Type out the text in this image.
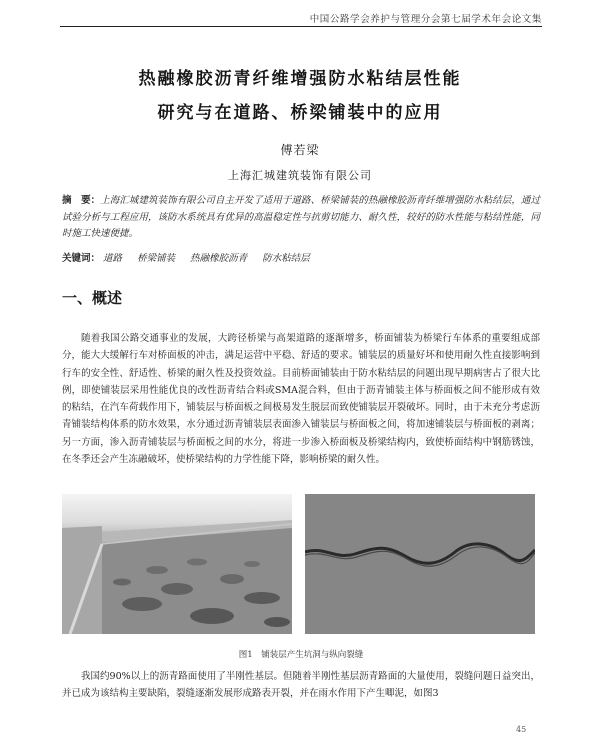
中国公路学会养护与管理分会第七届学术年会论文集
热融橡胶沥青纤维增强防水粘结层性能
研究与在道路、桥梁铺装中的应用
傅若梁
上海汇城建筑装饰有限公司
摘　要：上海汇城建筑装饰有限公司自主开发了适用于道路、桥梁铺装的热融橡胶沥青纤维增强防水粘结层，通过试验分析与工程应用，该防水系统具有优异的高温稳定性与抗剪切能力、耐久性，较好的防水性能与粘结性能，同时施工快速便捷。
关键词： 道路 桥梁铺装 热融橡胶沥青 防水粘结层
一、概述
随着我国公路交通事业的发展，大跨径桥梁与高架道路的逐渐增多，桥面铺装为桥梁行车体系的重要组成部分，能大大缓解行车对桥面板的冲击，满足运营中平稳、舒适的要求。铺装层的质量好坏和使用耐久性直接影响到行车的安全性、舒适性、桥梁的耐久性及投资效益。目前桥面铺装由于防水粘结层的问题出现早期病害占了很大比例，即使铺装层采用性能优良的改性沥青结合料或SMA混合料，但由于沥青铺装主体与桥面板之间不能形成有效的粘结，在汽车荷载作用下，铺装层与桥面板之间极易发生脱层而致使铺装层开裂破坏。同时，由于未充分考虑沥青铺装结构体系的防水效果，水分通过沥青铺装层表面渗入铺装层与桥面板之间，将加速铺装层与桥面板的剥离；另一方面，渗入沥青铺装层与桥面板之间的水分，将进一步渗入桥面板及桥梁结构内，致使桥面结构中钢筋锈蚀，在冬季还会产生冻融破坏，使桥梁结构的力学性能下降，影响桥梁的耐久性。
图1　铺装层产生坑洞与纵向裂缝
我国约90%以上的沥青路面使用了半刚性基层。但随着半刚性基层沥青路面的大量使用，裂缝问题日益突出，并已成为该结构主要缺陷，裂缝逐渐发展形成路表开裂，并在雨水作用下产生唧泥，如图3
45
